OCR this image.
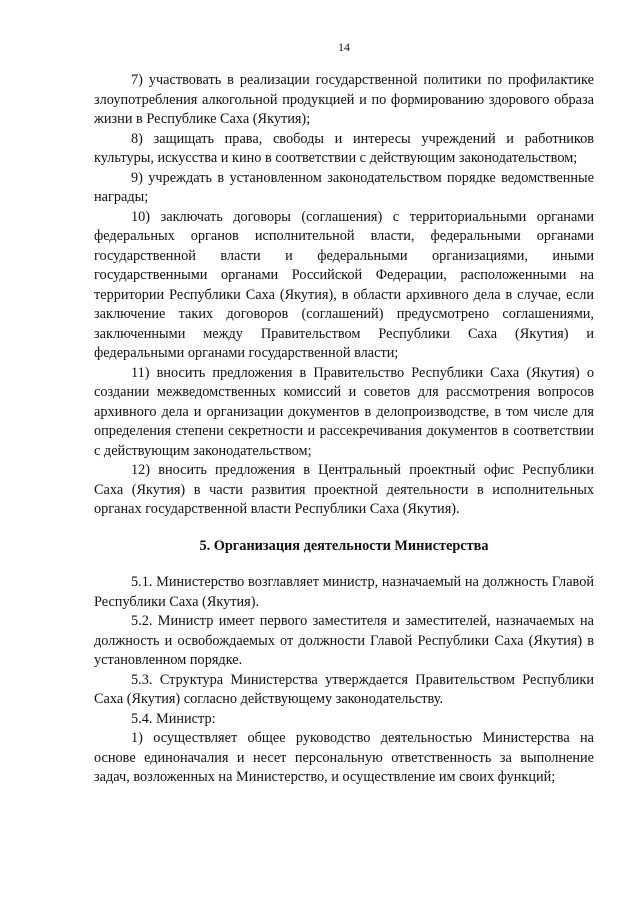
14

7) участвовать в реализации государственной политики по профилактике злоупотребления алкогольной продукцией и по формированию здорового образа жизни в Республике Саха (Якутия);

8) защищать права, свободы и интересы учреждений и работников культуры, искусства и кино в соответствии с действующим законодательством;

9) учреждать в установленном законодательством порядке ведомственные награды;

10) заключать договоры (соглашения) с территориальными органами федеральных органов исполнительной власти, федеральными органами государственной власти и федеральными организациями, иными государственными органами Российской Федерации, расположенными на территории Республики Саха (Якутия), в области архивного дела в случае, если заключение таких договоров (соглашений) предусмотрено соглашениями, заключенными между Правительством Республики Саха (Якутия) и федеральными органами государственной власти;

11) вносить предложения в Правительство Республики Саха (Якутия) о создании межведомственных комиссий и советов для рассмотрения вопросов архивного дела и организации документов в делопроизводстве, в том числе для определения степени секретности и рассекречивания документов в соответствии с действующим законодательством;

12) вносить предложения в Центральный проектный офис Республики Саха (Якутия) в части развития проектной деятельности в исполнительных органах государственной власти Республики Саха (Якутия).

5. Организация деятельности Министерства

5.1. Министерство возглавляет министр, назначаемый на должность Главой Республики Саха (Якутия).

5.2. Министр имеет первого заместителя и заместителей, назначаемых на должность и освобождаемых от должности Главой Республики Саха (Якутия) в установленном порядке.

5.3. Структура Министерства утверждается Правительством Республики Саха (Якутия) согласно действующему законодательству.

5.4. Министр:

1) осуществляет общее руководство деятельностью Министерства на основе единоначалия и несет персональную ответственность за выполнение задач, возложенных на Министерство, и осуществление им своих функций;
